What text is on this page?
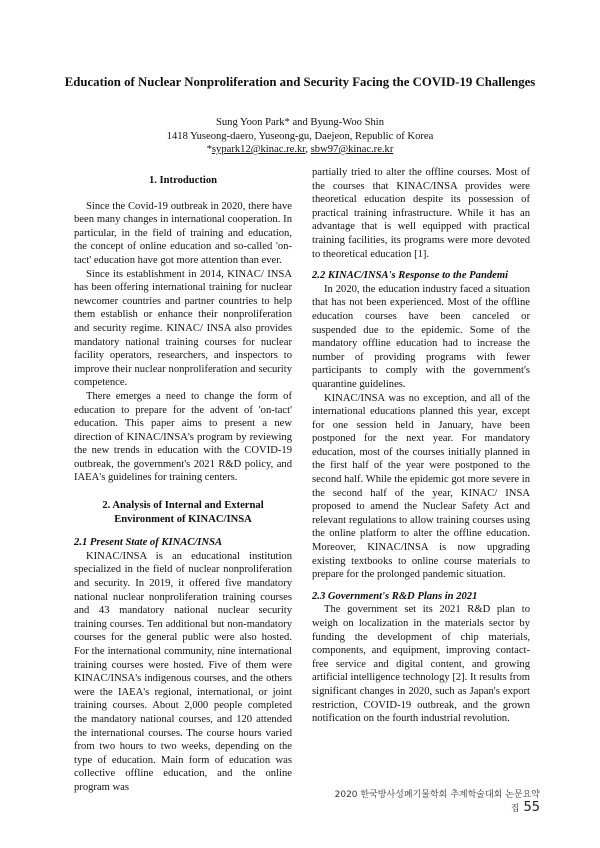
Education of Nuclear Nonproliferation and Security Facing the COVID-19 Challenges
Sung Yoon Park* and Byung-Woo Shin
1418 Yuseong-daero, Yuseong-gu, Daejeon, Republic of Korea
*sypark12@kinac.re.kr, sbw97@kinac.re.kr
1. Introduction

Since the Covid-19 outbreak in 2020, there have been many changes in international cooperation. In particular, in the field of training and education, the concept of online education and so-called 'on-tact' education have got more attention than ever.

Since its establishment in 2014, KINAC/ INSA has been offering international training for nuclear newcomer countries and partner countries to help them establish or enhance their nonproliferation and security regime. KINAC/ INSA also provides mandatory national training courses for nuclear facility operators, researchers, and inspectors to improve their nuclear nonproliferation and security competence.

There emerges a need to change the form of education to prepare for the advent of 'on-tact' education. This paper aims to present a new direction of KINAC/INSA's program by reviewing the new trends in education with the COVID-19 outbreak, the government's 2021 R&D policy, and IAEA's guidelines for training centers.

2. Analysis of Internal and External Environment of KINAC/INSA
2.1 Present State of KINAC/INSA

KINAC/INSA is an educational institution specialized in the field of nuclear nonproliferation and security. In 2019, it offered five mandatory national nuclear nonproliferation training courses and 43 mandatory national nuclear security training courses. Ten additional but non-mandatory courses for the general public were also hosted. For the international community, nine international training courses were hosted. Five of them were KINAC/INSA's indigenous courses, and the others were the IAEA's regional, international, or joint training courses. About 2,000 people completed the mandatory national courses, and 120 attended the international courses. The course hours varied from two hours to two weeks, depending on the type of education. Main form of education was collective offline education, and the online program was

partially tried to alter the offline courses. Most of the courses that KINAC/INSA provides were theoretical education despite its possession of practical training infrastructure. While it has an advantage that is well equipped with practical training facilities, its programs were more devoted to theoretical education [1].

2.2 KINAC/INSA's Response to the Pandemi

In 2020, the education industry faced a situation that has not been experienced. Most of the offline education courses have been canceled or suspended due to the epidemic. Some of the mandatory offline education had to increase the number of providing programs with fewer participants to comply with the government's quarantine guidelines.

KINAC/INSA was no exception, and all of the international educations planned this year, except for one session held in January, have been postponed for the next year. For mandatory education, most of the courses initially planned in the first half of the year were postponed to the second half. While the epidemic got more severe in the second half of the year, KINAC/ INSA proposed to amend the Nuclear Safety Act and relevant regulations to allow training courses using the online platform to alter the offline education. Moreover, KINAC/INSA is now upgrading existing textbooks to online course materials to prepare for the prolonged pandemic situation.

2.3 Government's R&D Plans in 2021

The government set its 2021 R&D plan to weigh on localization in the materials sector by funding the development of chip materials, components, and equipment, improving contact-free service and digital content, and growing artificial intelligence technology [2]. It results from significant changes in 2020, such as Japan's export restriction, COVID-19 outbreak, and the grown notification on the fourth industrial revolution.

2020 한국방사성폐기물학회 추계학술대회 논문요약집 55
